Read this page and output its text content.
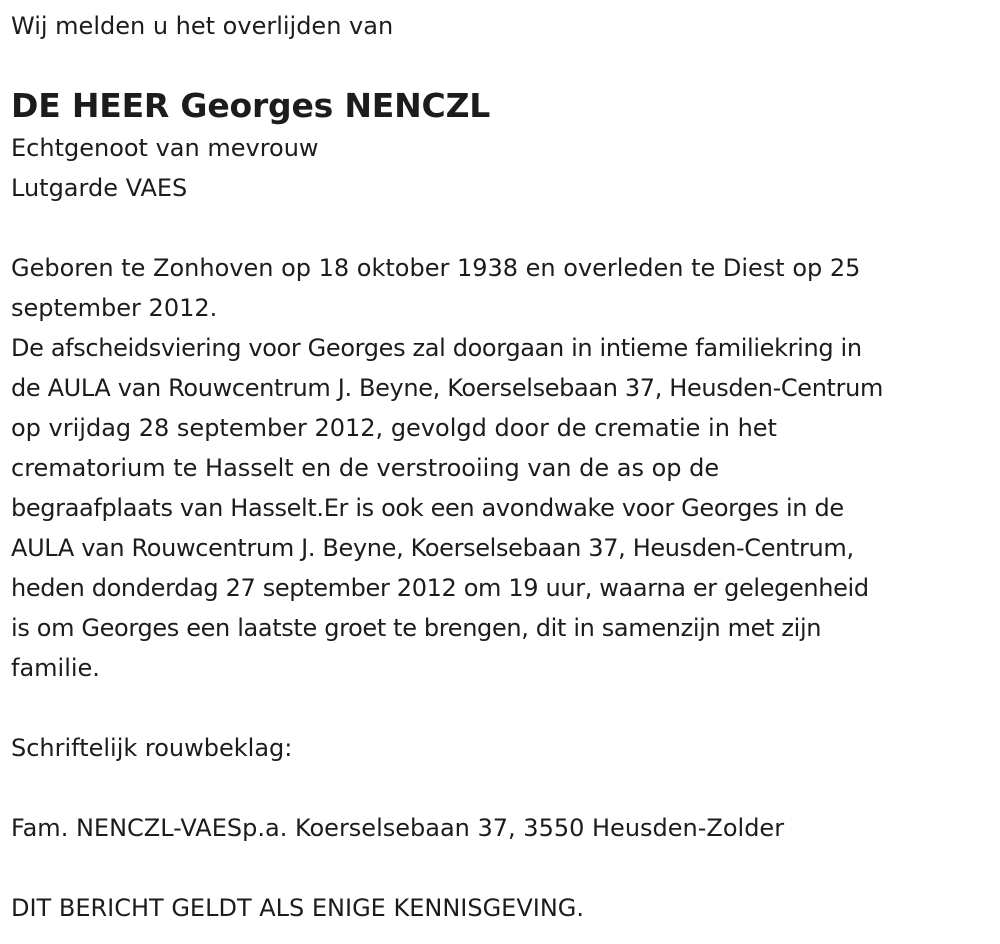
Wij melden u het overlijden van
DE HEER Georges NENCZL
Echtgenoot van mevrouw
Lutgarde VAES
Geboren te Zonhoven op 18 oktober 1938 en overleden te Diest op 25
september 2012.
De afscheidsviering voor Georges zal doorgaan in intieme familiekring in
de AULA van Rouwcentrum J. Beyne, Koerselsebaan 37, Heusden-Centrum
op vrijdag 28 september 2012, gevolgd door de crematie in het
crematorium te Hasselt en de verstrooiing van de as op de
begraafplaats van Hasselt.Er is ook een avondwake voor Georges in de
AULA van Rouwcentrum J. Beyne, Koerselsebaan 37, Heusden-Centrum,
heden donderdag 27 september 2012 om 19 uur, waarna er gelegenheid
is om Georges een laatste groet te brengen, dit in samenzijn met zijn
familie.
Schriftelijk rouwbeklag:
Fam. NENCZL-VAESp.a. Koerselsebaan 37, 3550 Heusden-Zolder
DIT BERICHT GELDT ALS ENIGE KENNISGEVING.
